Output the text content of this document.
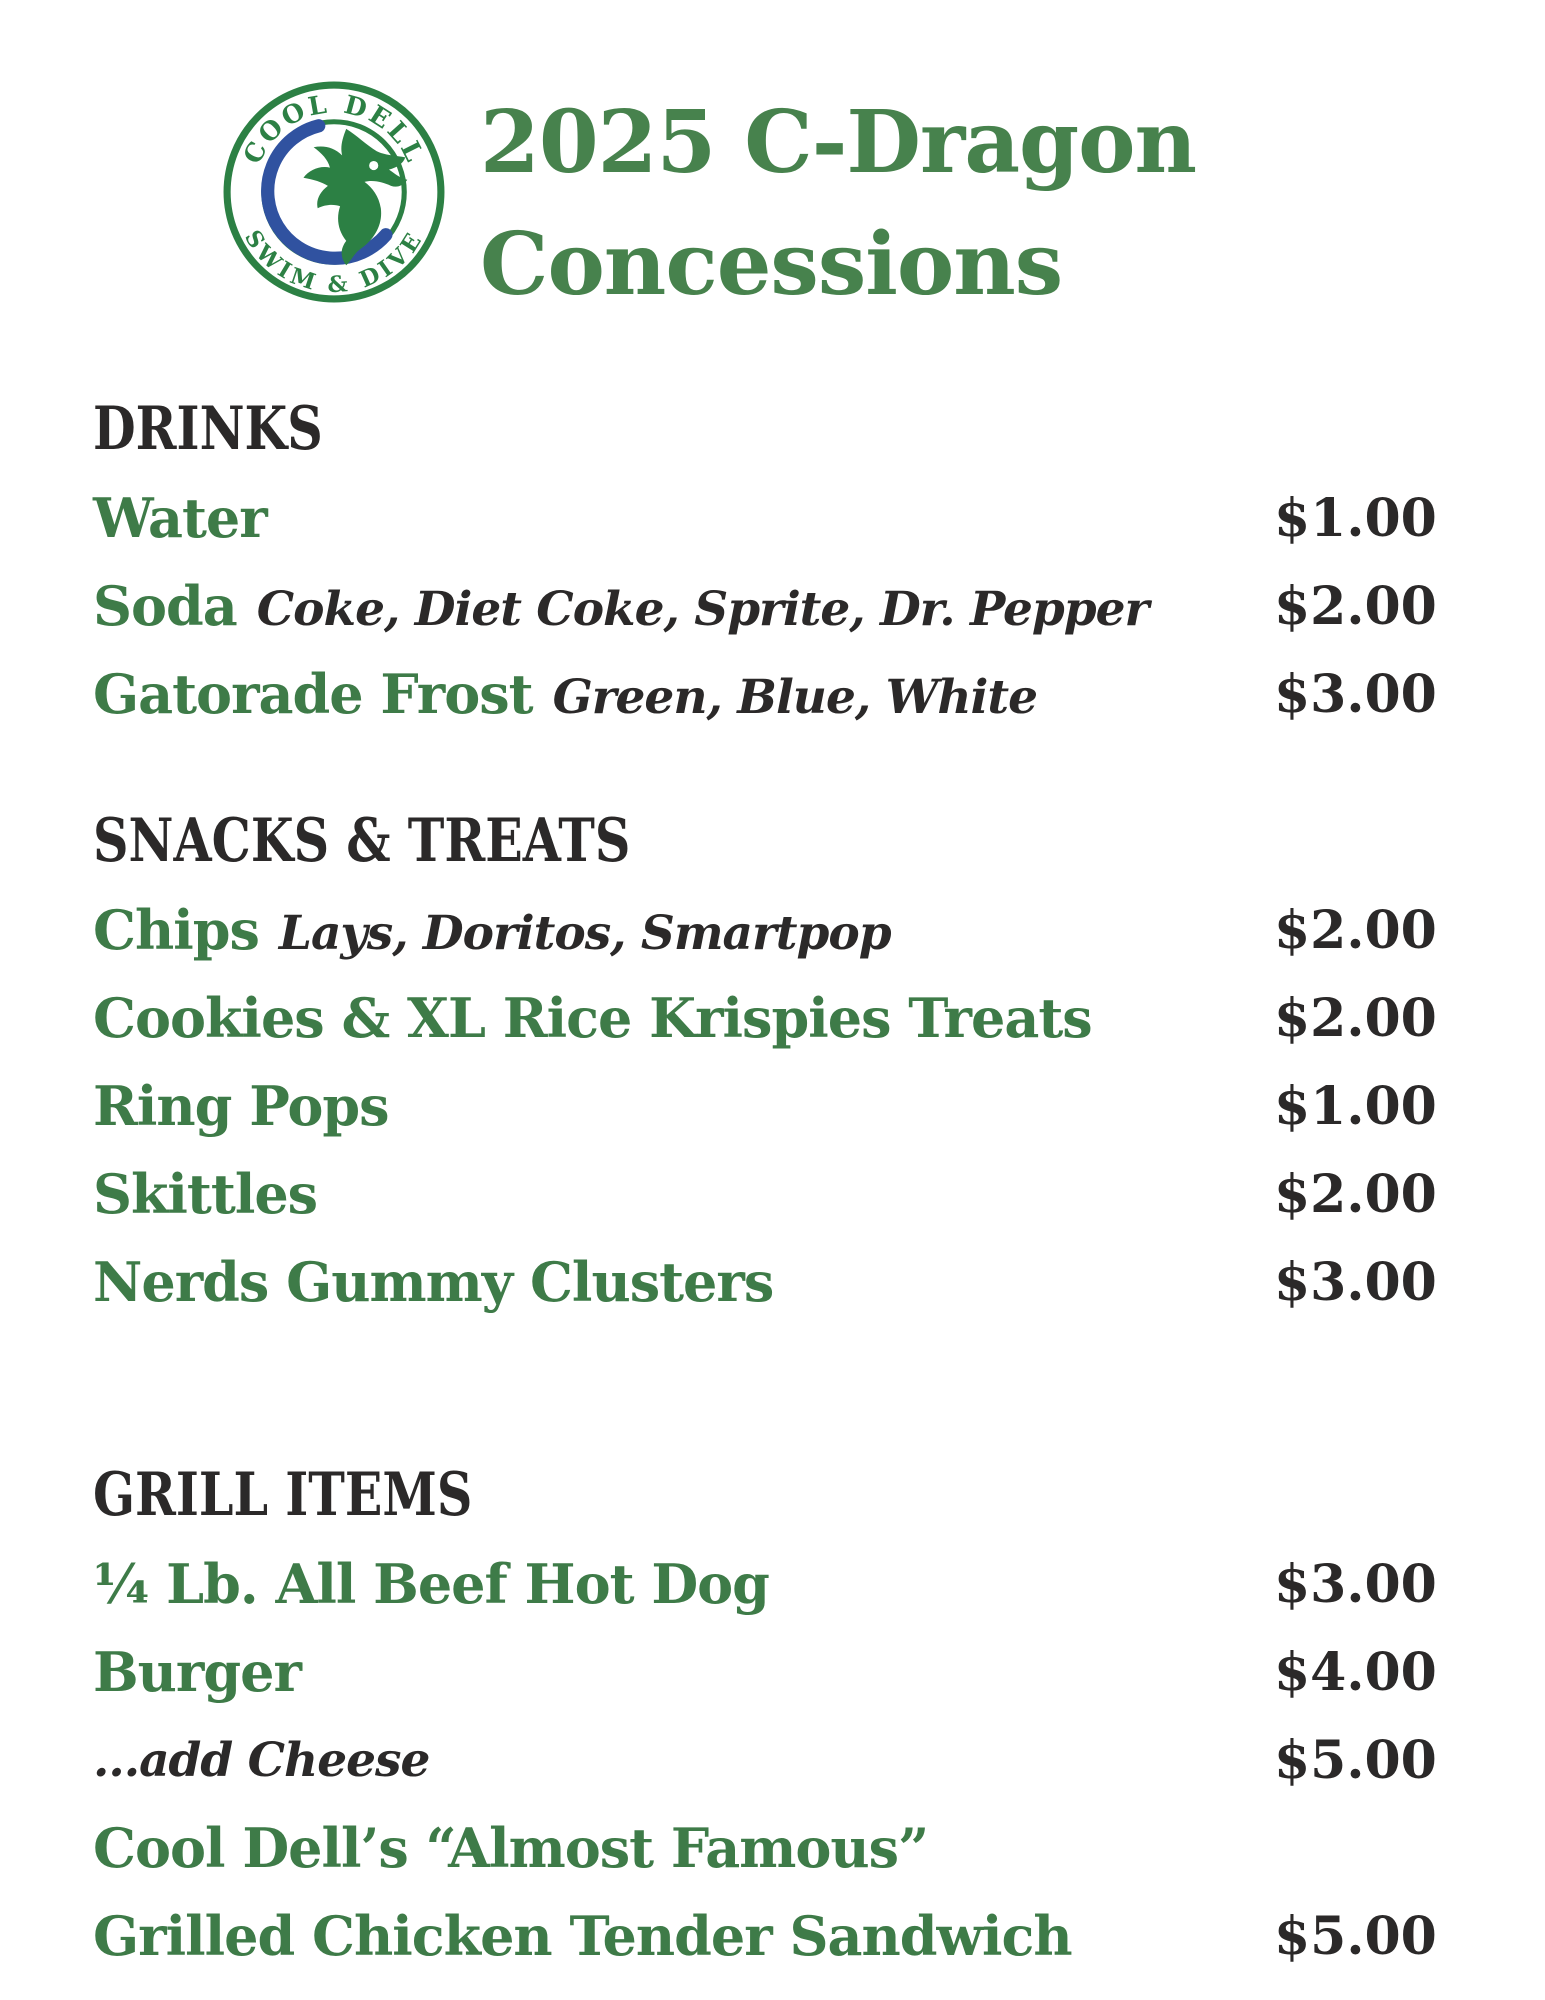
COOL DELL
SWIM & DIVE
2025 C-Dragon
Concessions
DRINKS
Water	$1.00
Soda Coke, Diet Coke, Sprite, Dr. Pepper	$2.00
Gatorade Frost Green, Blue, White	$3.00
SNACKS & TREATS
Chips Lays, Doritos, Smartpop	$2.00
Cookies & XL Rice Krispies Treats	$2.00
Ring Pops	$1.00
Skittles	$2.00
Nerds Gummy Clusters	$3.00
GRILL ITEMS
¼ Lb. All Beef Hot Dog	$3.00
Burger	$4.00
...add Cheese	$5.00
Cool Dell’s “Almost Famous”
Grilled Chicken Tender Sandwich	$5.00
